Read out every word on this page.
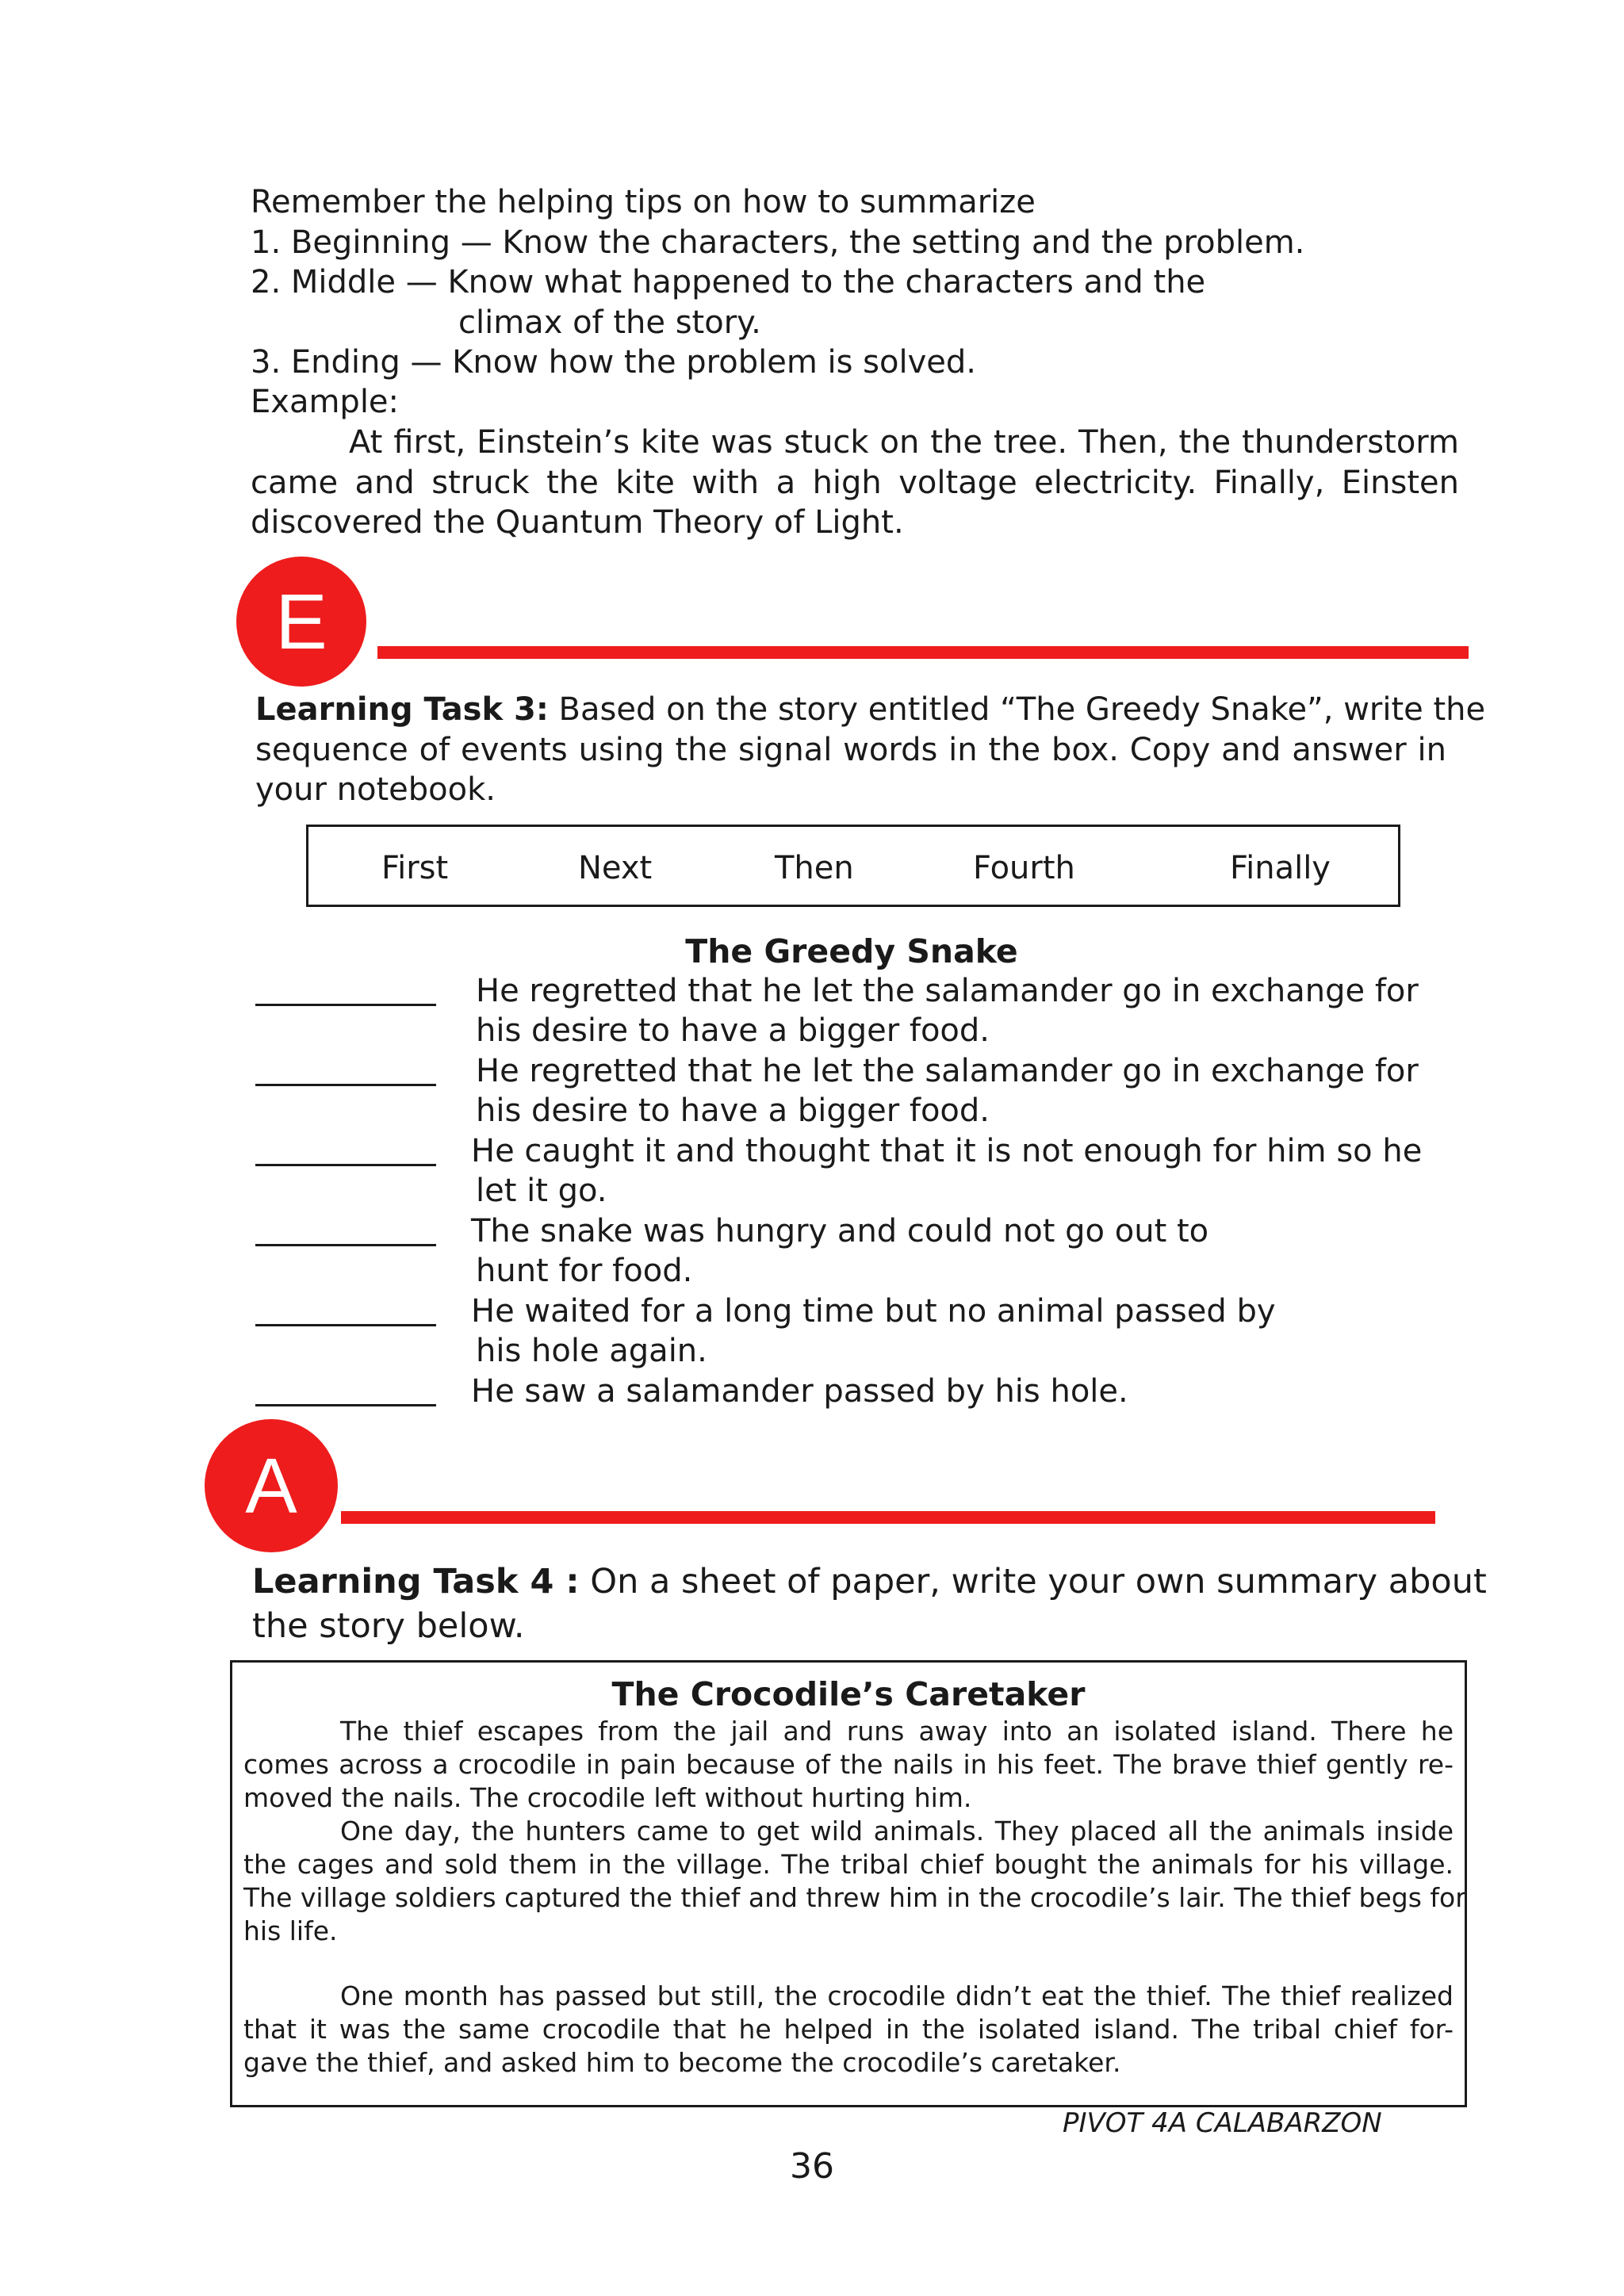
Remember the helping tips on how to summarize
1. Beginning — Know the characters, the setting and the problem.
2. Middle — Know what happened to the characters and the
climax of the story.
3. Ending — Know how the problem is solved.
Example:
At first, Einstein’s kite was stuck on the tree. Then, the thunderstorm
came and struck the kite with a high voltage electricity. Finally, Einsten
discovered the Quantum Theory of Light.
E
Learning Task 3: Based on the story entitled “The Greedy Snake”, write the
sequence of events using the signal words in the box. Copy and answer in
your notebook.
First	Next	Then	Fourth	Finally
The Greedy Snake
He regretted that he let the salamander go in exchange for
his desire to have a bigger food.
He regretted that he let the salamander go in exchange for
his desire to have a bigger food.
He caught it and thought that it is not enough for him so he
let it go.
The snake was hungry and could not go out to
hunt for food.
He waited for a long time but no animal passed by
his hole again.
He saw a salamander passed by his hole.
A
Learning Task 4 : On a sheet of paper, write your own summary about
the story below.
The Crocodile’s Caretaker
The thief escapes from the jail and runs away into an isolated island. There he
comes across a crocodile in pain because of the nails in his feet. The brave thief gently re-
moved the nails. The crocodile left without hurting him.
One day, the hunters came to get wild animals. They placed all the animals inside
the cages and sold them in the village. The tribal chief bought the animals for his village.
The village soldiers captured the thief and threw him in the crocodile’s lair. The thief begs for
his life.
One month has passed but still, the crocodile didn’t eat the thief. The thief realized
that it was the same crocodile that he helped in the isolated island. The tribal chief for-
gave the thief, and asked him to become the crocodile’s caretaker.
PIVOT 4A CALABARZON
36
